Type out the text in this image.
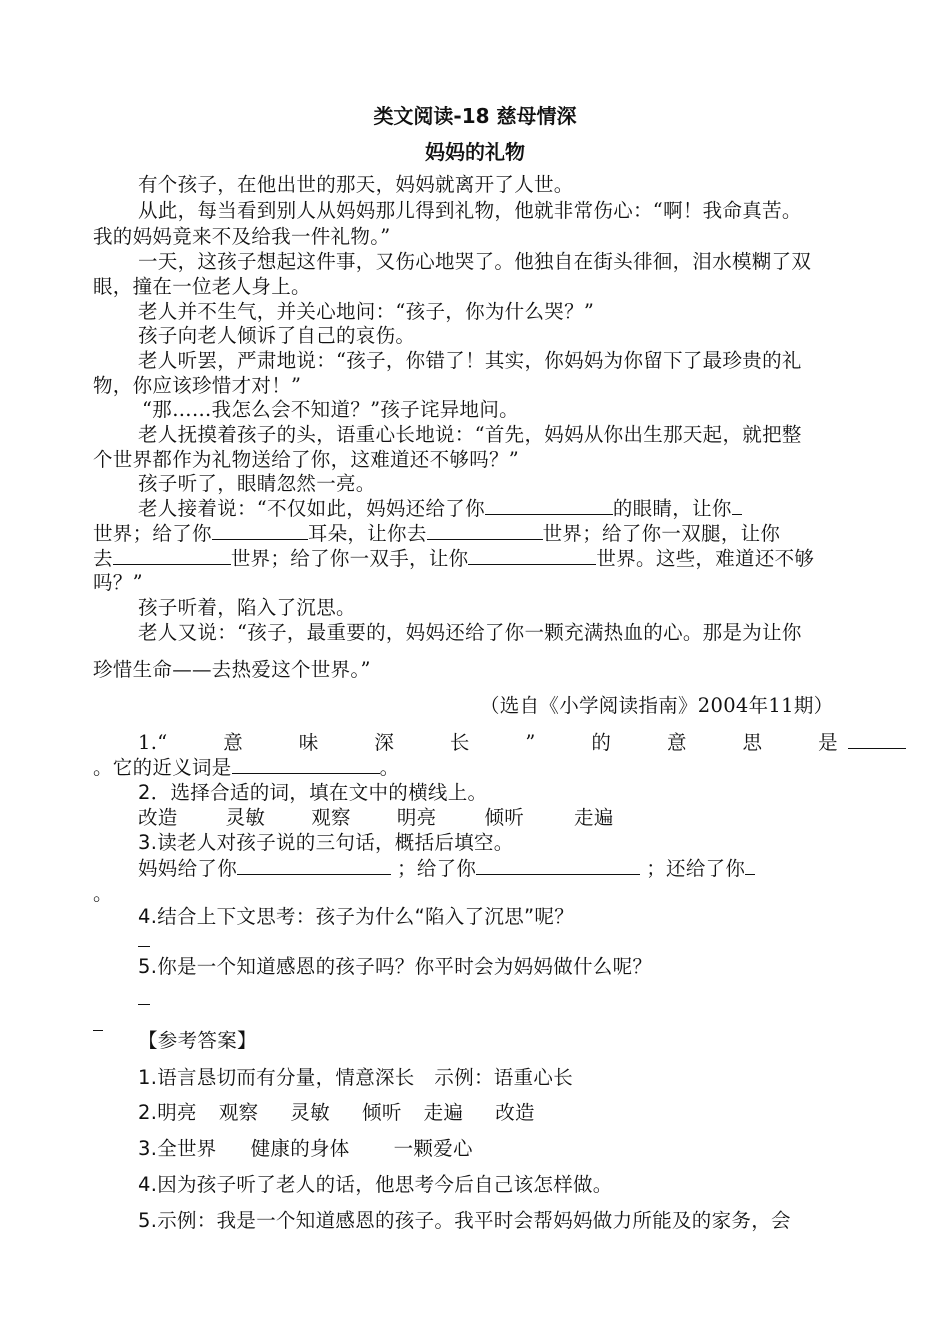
类文阅读-18 慈母情深
妈妈的礼物
有个孩子，在他出世的那天，妈妈就离开了人世。
从此，每当看到别人从妈妈那儿得到礼物，他就非常伤心：“啊！我命真苦。
我的妈妈竟来不及给我一件礼物。”
一天，这孩子想起这件事，又伤心地哭了。他独自在街头徘徊，泪水模糊了双
眼，撞在一位老人身上。
老人并不生气，并关心地问：“孩子，你为什么哭？”
孩子向老人倾诉了自己的哀伤。
老人听罢，严肃地说：“孩子，你错了！其实，你妈妈为你留下了最珍贵的礼
物，你应该珍惜才对！”
“那……我怎么会不知道？”孩子诧异地问。
老人抚摸着孩子的头，语重心长地说：“首先，妈妈从你出生那天起，就把整
个世界都作为礼物送给了你，这难道还不够吗？”
孩子听了，眼睛忽然一亮。
老人接着说：“不仅如此，妈妈还给了你	的眼睛，让你
世界；给了你	耳朵，让你去	世界；给了你一双腿，让你
去	世界；给了你一双手，让你	世界。这些，难道还不够
吗？”
孩子听着，陷入了沉思。
老人又说：“孩子，最重要的，妈妈还给了你一颗充满热血的心。那是为让你
珍惜生命——去热爱这个世界。”
（选自《小学阅读指南》2004年11期）
1.“	意	味	深	长	”	的	意	思	是
。它的近义词是	。
2．选择合适的词，填在文中的横线上。
改造 灵敏 观察 明亮 倾听	走遍
3.读老人对孩子说的三句话，概括后填空。
妈妈给了你	；给了你	；还给了你
。
4.结合上下文思考：孩子为什么“陷入了沉思”呢？
5.你是一个知道感恩的孩子吗？你平时会为妈妈做什么呢？
【参考答案】
1.语言恳切而有分量，情意深长　示例：语重心长
2.明亮 观察 灵敏 倾听 走遍 改造
3.全世界 健康的身体 一颗爱心
4.因为孩子听了老人的话，他思考今后自己该怎样做。
5.示例：我是一个知道感恩的孩子。我平时会帮妈妈做力所能及的家务，会
